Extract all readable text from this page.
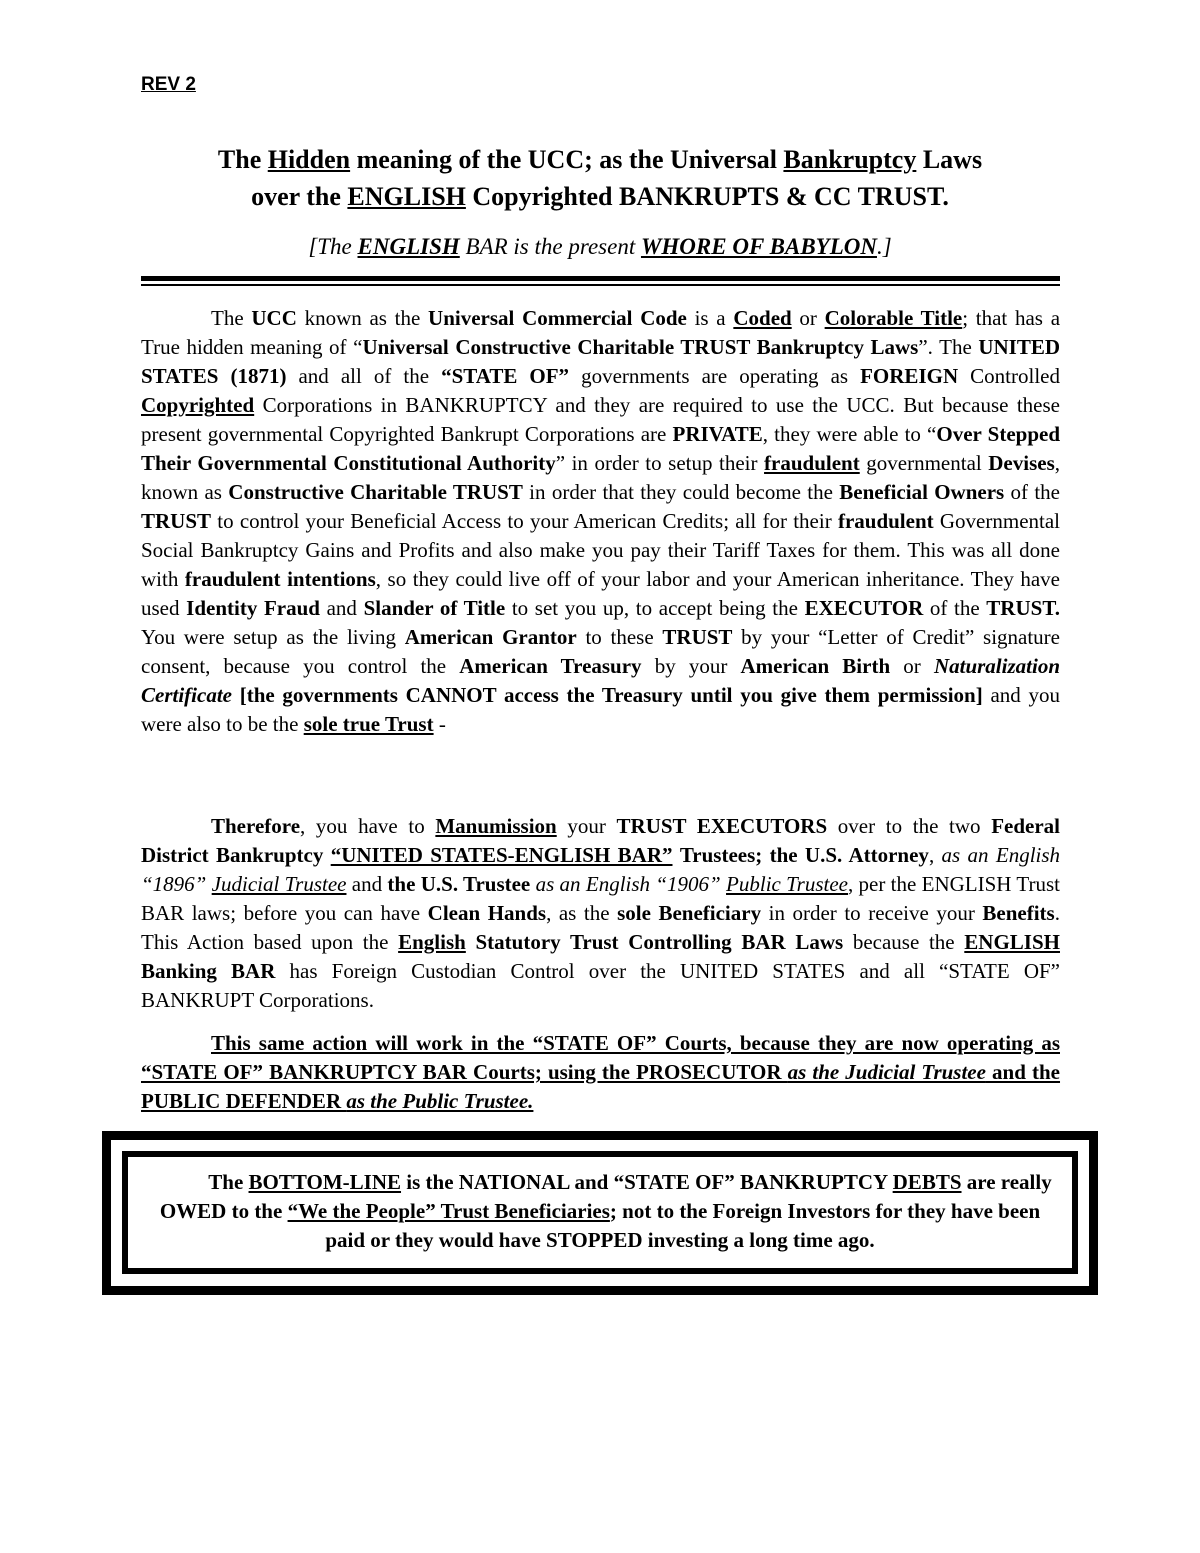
REV 2
The Hidden meaning of the UCC; as the Universal Bankruptcy Laws
over the ENGLISH Copyrighted BANKRUPTS & CC TRUST.
[The ENGLISH BAR is the present WHORE OF BABYLON.]

The UCC known as the Universal Commercial Code is a Coded or Colorable Title; that has a True hidden meaning of “Universal Constructive Charitable TRUST Bankruptcy Laws”. The UNITED STATES (1871) and all of the “STATE OF” governments are operating as FOREIGN Controlled Copyrighted Corporations in BANKRUPTCY and they are required to use the UCC. But because these present governmental Copyrighted Bankrupt Corporations are PRIVATE, they were able to “Over Stepped Their Governmental Constitutional Authority” in order to setup their fraudulent governmental Devises, known as Constructive Charitable TRUST in order that they could become the Beneficial Owners of the TRUST to control your Beneficial Access to your American Credits; all for their fraudulent Governmental Social Bankruptcy Gains and Profits and also make you pay their Tariff Taxes for them. This was all done with fraudulent intentions, so they could live off of your labor and your American inheritance. They have used Identity Fraud and Slander of Title to set you up, to accept being the EXECUTOR of the TRUST. You were setup as the living American Grantor to these TRUST by your “Letter of Credit” signature consent, because you control the American Treasury by your American Birth or Naturalization Certificate [the governments CANNOT access the Treasury until you give them permission] and you were also to be the sole true Trust -

Therefore, you have to Manumission your TRUST EXECUTORS over to the two Federal District Bankruptcy “UNITED STATES-ENGLISH BAR” Trustees; the U.S. Attorney, as an English “1896” Judicial Trustee and the U.S. Trustee as an English “1906” Public Trustee, per the ENGLISH Trust BAR laws; before you can have Clean Hands, as the sole Beneficiary in order to receive your Benefits. This Action based upon the English Statutory Trust Controlling BAR Laws because the ENGLISH Banking BAR has Foreign Custodian Control over the UNITED STATES and all “STATE OF” BANKRUPT Corporations.

This same action will work in the “STATE OF” Courts, because they are now operating as “STATE OF” BANKRUPTCY BAR Courts; using the PROSECUTOR as the Judicial Trustee and the PUBLIC DEFENDER as the Public Trustee.

The BOTTOM-LINE is the NATIONAL and “STATE OF” BANKRUPTCY DEBTS are really OWED to the “We the People” Trust Beneficiaries; not to the Foreign Investors for they have been paid or they would have STOPPED investing a long time ago.
